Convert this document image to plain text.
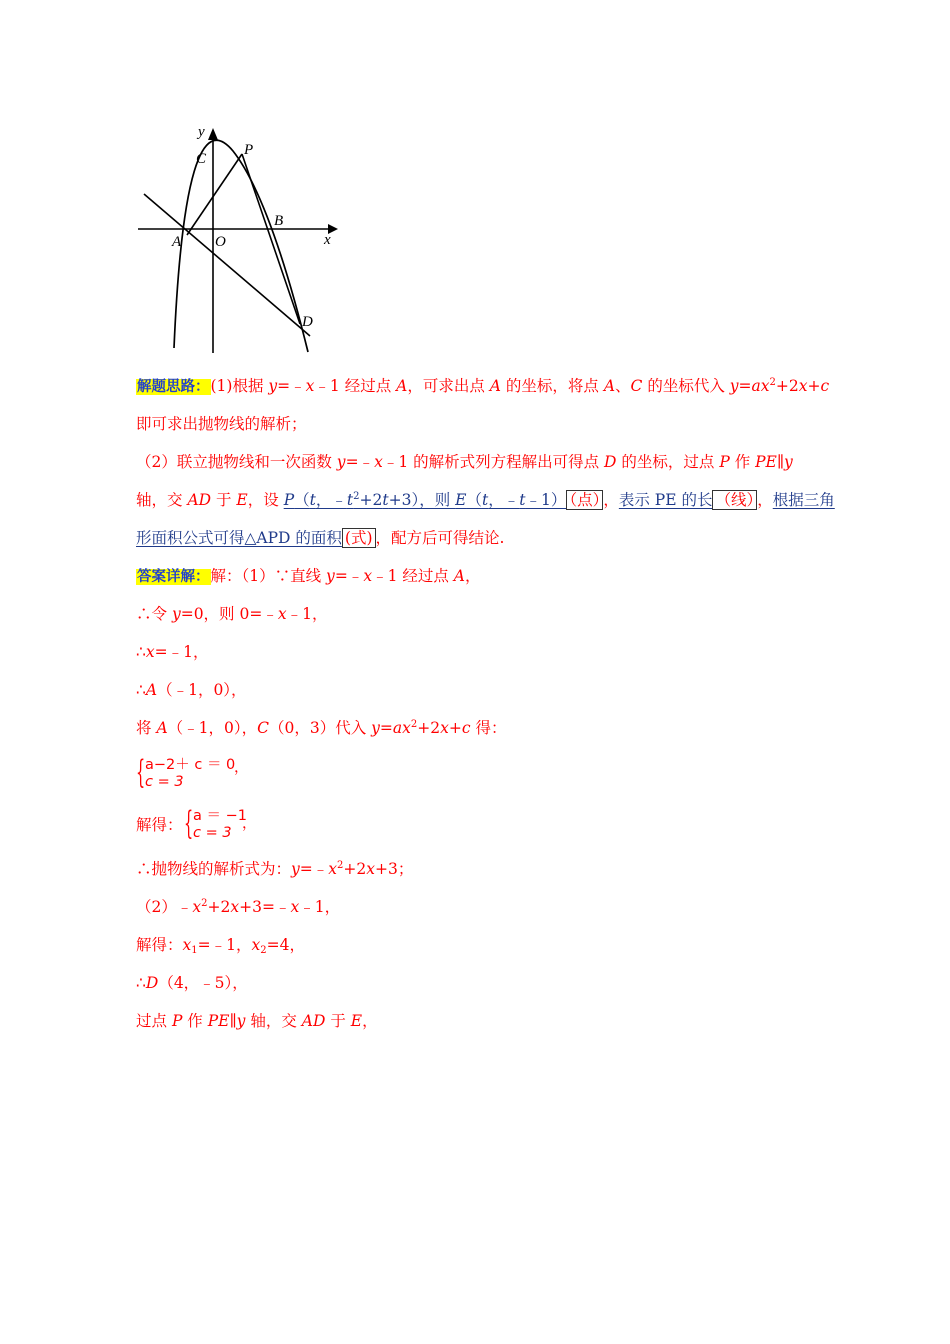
y
x
C
P
B
A O
D
解题思路：(1)根据 y=﹣x﹣1 经过点 A，可求出点 A 的坐标，将点 A、C 的坐标代入 $y=ax^2+2x+c$
即可求出抛物线的解析；
（2）联立抛物线和一次函数 y=﹣x﹣1 的解析式列方程解出可得点 D 的坐标，过点 P 作 PE∥y
轴，交 AD 于 E，设 P（t，$﹣t^2+2t+3$），则 E（t，﹣t﹣1） （点） ，表示 PE 的长 （线） ，根据三角
形面积公式可得△APD 的面积 (式) ，配方后可得结论.
答案详解：解：（1）∵直线 y=﹣x﹣1 经过点 A，
∴令 y=0，则 0=﹣x﹣1，
∴x=﹣1，
∴A（﹣1，0），
将 A（﹣1，0），C（0，3）代入 $y=ax^2+2x+c$ 得：
{ a−2＋ c ＝ 0
c = 3
，
解得： { a ＝ −1
c = 3
，
∴抛物线的解析式为：$y=﹣x^2+2x+3$；
$(2)﹣x^2+2x+3=﹣x﹣1$，
解得：$x_1=﹣1$，$x_2=4$，
∴D（4，﹣5），
过点 P 作 PE∥y 轴，交 AD 于 E，
